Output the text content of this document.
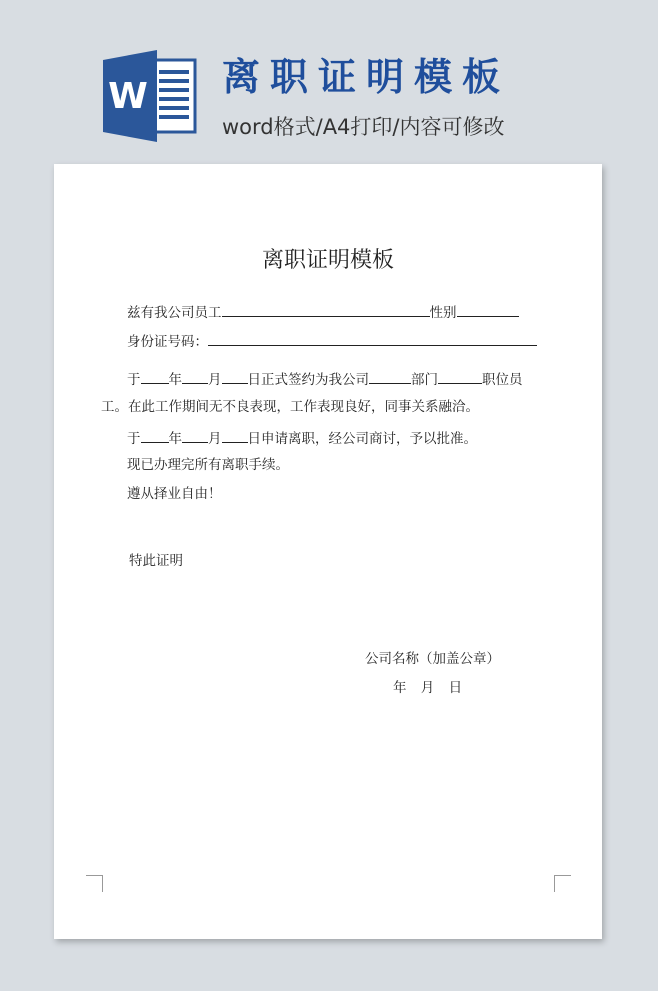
W 离职证明模板
word格式/A4打印/内容可修改
离职证明模板
兹有我公司员工	性别
身份证号码：
于 年 月 日正式签约为我公司	部门	职位员
工。在此工作期间无不良表现，工作表现良好，同事关系融洽。
于 年 月 日申请离职，经公司商讨，予以批准。
现已办理完所有离职手续。
遵从择业自由！
特此证明
公司名称（加盖公章）
年 月 日
